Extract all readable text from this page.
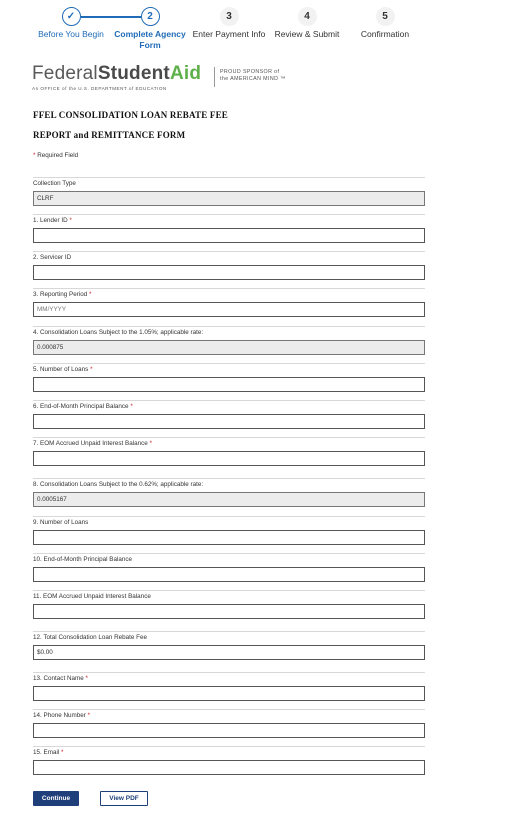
✓
Before You Begin
2
Complete Agency
Form
3
Enter Payment Info
4
Review & Submit
5
Confirmation
FederalStudentAid
An OFFICE of the U.S. DEPARTMENT of EDUCATION
PROUD SPONSOR of
the AMERICAN MIND ™
FFEL CONSOLIDATION LOAN REBATE FEE
REPORT and REMITTANCE FORM
* Required Field
Collection Type
CLRF
1. Lender ID *
2. Servicer ID
3. Reporting Period *
MM/YYYY
4. Consolidation Loans Subject to the 1.05%; applicable rate:
0.000875
5. Number of Loans *
6. End-of-Month Principal Balance *
7. EOM Accrued Unpaid Interest Balance *
8. Consolidation Loans Subject to the 0.62%; applicable rate:
0.0005167
9. Number of Loans
10. End-of-Month Principal Balance
11. EOM Accrued Unpaid Interest Balance
12. Total Consolidation Loan Rebate Fee
$0.00
13. Contact Name *
14. Phone Number *
15. Email *
Continue	View PDF
